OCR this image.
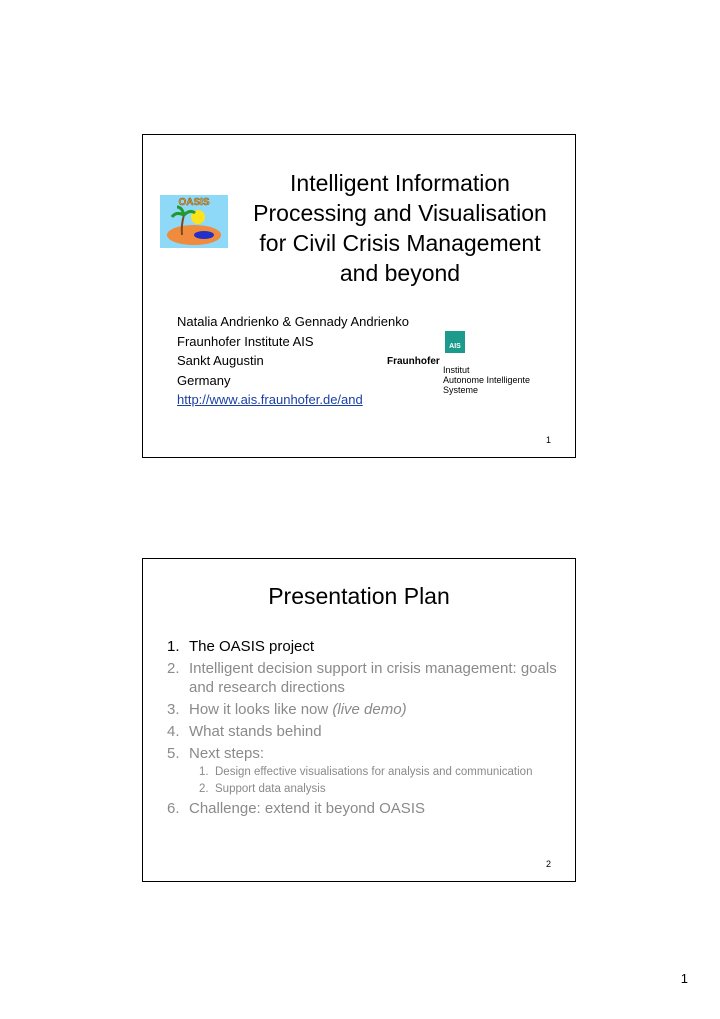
OASIS
Intelligent Information
Processing and Visualisation
for Civil Crisis Management
and beyond
Natalia Andrienko & Gennady Andrienko
Fraunhofer Institute AIS
Sankt Augustin
Germany
http://www.ais.fraunhofer.de/and
AIS
Fraunhofer
Institut
Autonome Intelligente
Systeme
1
Presentation Plan
1. The OASIS project
2. Intelligent decision support in crisis management: goals and research directions
3. How it looks like now (live demo)
4. What stands behind
5. Next steps:
1. Design effective visualisations for analysis and communication
2. Support data analysis
6. Challenge: extend it beyond OASIS
2
1
